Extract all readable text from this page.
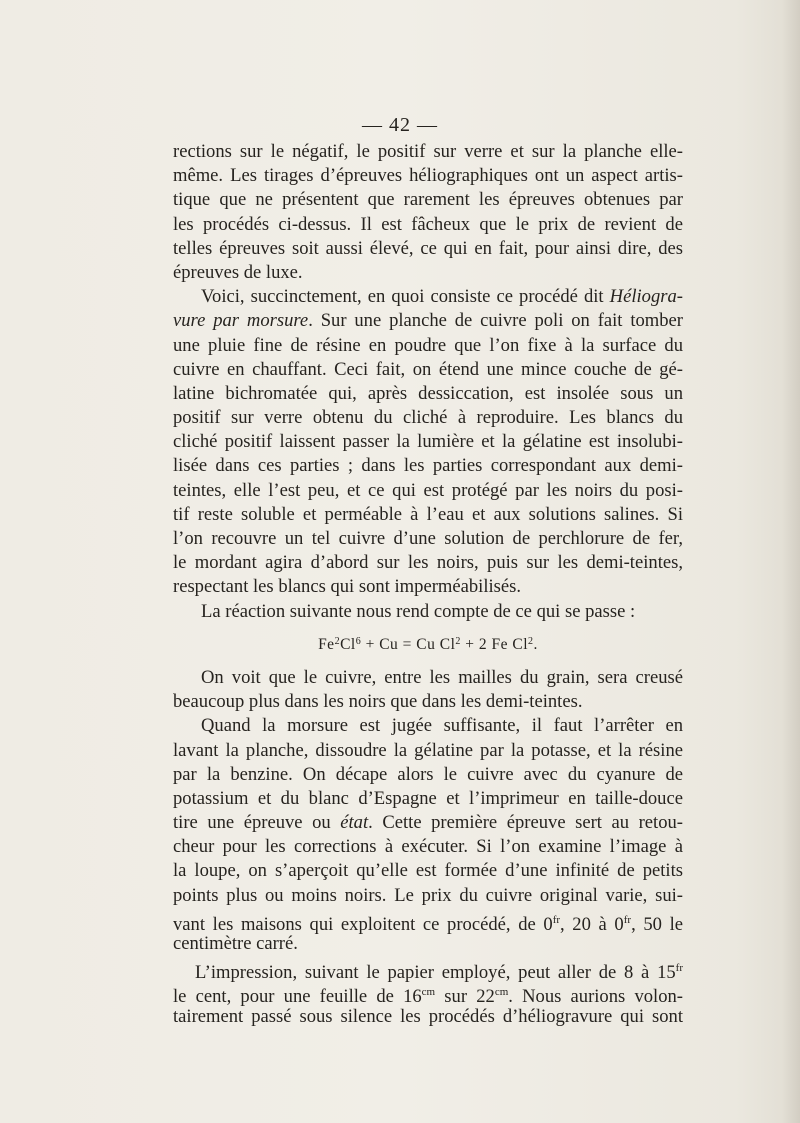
— 42 —
rections sur le négatif, le positif sur verre et sur la planche elle-
même. Les tirages d’épreuves héliographiques ont un aspect artis-
tique que ne présentent que rarement les épreuves obtenues par
les procédés ci-dessus. Il est fâcheux que le prix de revient de
telles épreuves soit aussi élevé, ce qui en fait, pour ainsi dire, des
épreuves de luxe.
Voici, succinctement, en quoi consiste ce procédé dit Héliogra-
vure par morsure. Sur une planche de cuivre poli on fait tomber
une pluie fine de résine en poudre que l’on fixe à la surface du
cuivre en chauffant. Ceci fait, on étend une mince couche de gé-
latine bichromatée qui, après dessiccation, est insolée sous un
positif sur verre obtenu du cliché à reproduire. Les blancs du
cliché positif laissent passer la lumière et la gélatine est insolubi-
lisée dans ces parties ; dans les parties correspondant aux demi-
teintes, elle l’est peu, et ce qui est protégé par les noirs du posi-
tif reste soluble et perméable à l’eau et aux solutions salines. Si
l’on recouvre un tel cuivre d’une solution de perchlorure de fer,
le mordant agira d’abord sur les noirs, puis sur les demi-teintes,
respectant les blancs qui sont imperméabilisés.
La réaction suivante nous rend compte de ce qui se passe :
$Fe^2Cl^6 + Cu = Cu$ $Cl^2 + 2$ Fe Cl$^2$.
On voit que le cuivre, entre les mailles du grain, sera creusé
beaucoup plus dans les noirs que dans les demi-teintes.
Quand la morsure est jugée suffisante, il faut l’arrêter en
lavant la planche, dissoudre la gélatine par la potasse, et la résine
par la benzine. On décape alors le cuivre avec du cyanure de
potassium et du blanc d’Espagne et l’imprimeur en taille-douce
tire une épreuve ou état. Cette première épreuve sert au retou-
cheur pour les corrections à exécuter. Si l’on examine l’image à
la loupe, on s’aperçoit qu’elle est formée d’une infinité de petits
points plus ou moins noirs. Le prix du cuivre original varie, sui-
vant les maisons qui exploitent ce procédé, de $0^{fr}$, 20 à $0^{fr}$, 50 le
centimètre carré.
L’impression, suivant le papier employé, peut aller de 8 à $15^{fr}$
le cent, pour une feuille de $16^{cm}$ sur $22^{cm}$. Nous aurions volon-
tairement passé sous silence les procédés d’héliogravure qui sont
